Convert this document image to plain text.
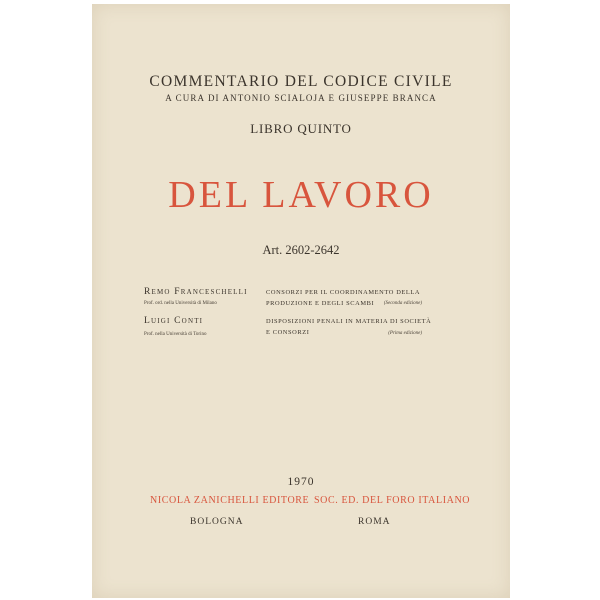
COMMENTARIO DEL CODICE CIVILE
A CURA DI ANTONIO SCIALOJA E GIUSEPPE BRANCA
LIBRO QUINTO
DEL LAVORO
Art. 2602-2642
Remo Franceschelli
Prof. ord. nella Università di Milano
CONSORZI PER IL COORDINAMENTO DELLA
PRODUZIONE E DEGLI SCAMBI (Seconda edizione)
Luigi Conti
Prof. nella Università di Torino
DISPOSIZIONI PENALI IN MATERIA DI SOCIETÀ
E CONSORZI	(Prima edizione)
1970
NICOLA ZANICHELLI EDITORE SOC. ED. DEL FORO ITALIANO
BOLOGNA	ROMA
